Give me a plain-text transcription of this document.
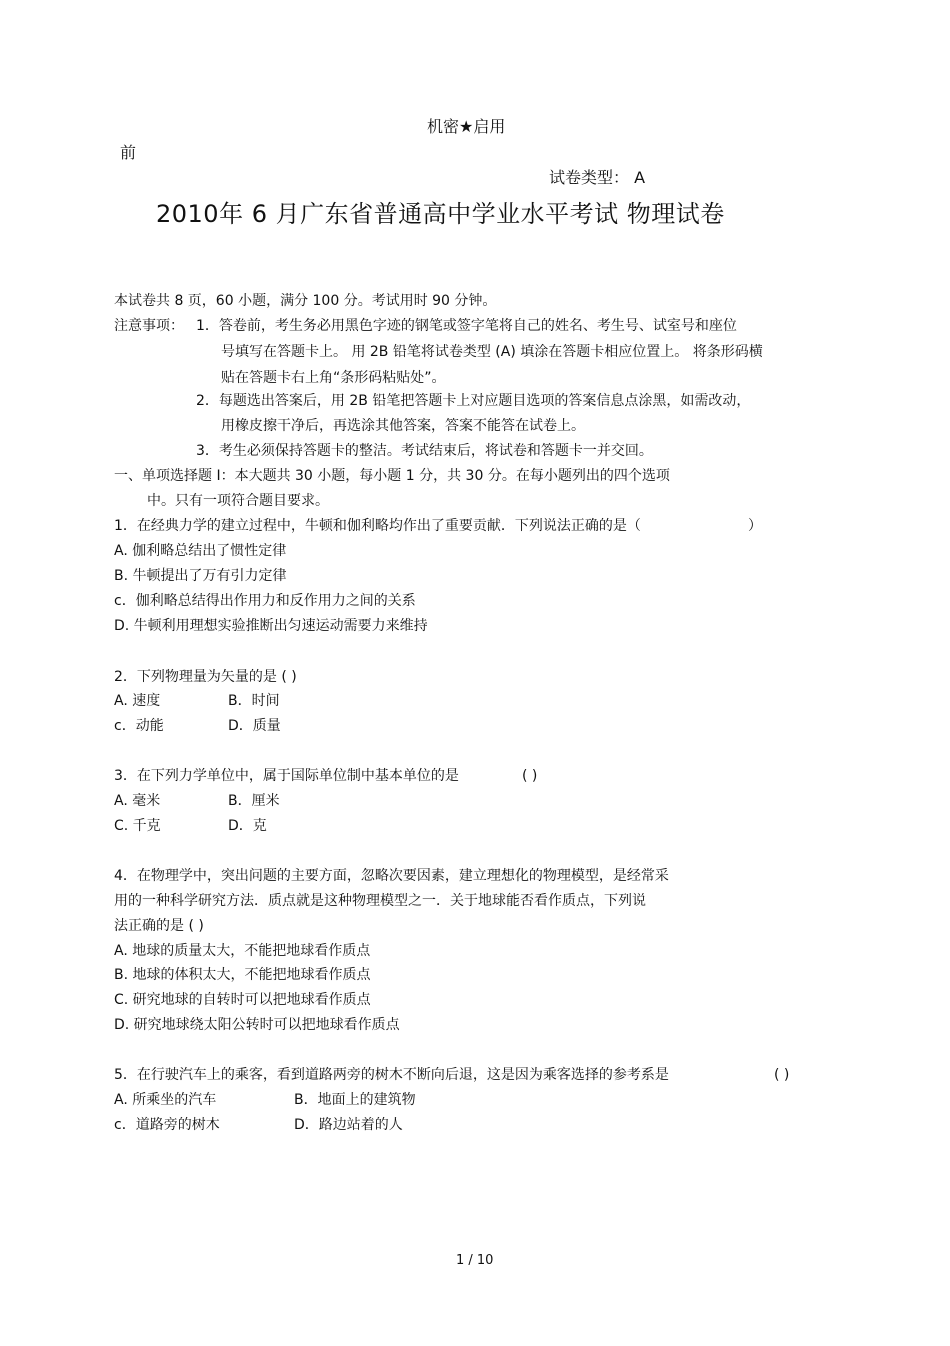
机密★启用
前
试卷类型： A
2010年 6 月广东省普通高中学业水平考试 物理试卷
本试卷共 8 页，60 小题，满分 100 分。考试用时 90 分钟。
注意事项： 1．答卷前，考生务必用黑色字迹的钢笔或签字笔将自己的姓名、考生号、试室号和座位
号填写在答题卡上。 用 2B 铅笔将试卷类型 (A) 填涂在答题卡相应位置上。 将条形码横
贴在答题卡右上角“条形码粘贴处”。
2．每题选出答案后，用 2B 铅笔把答题卡上对应题目选项的答案信息点涂黑，如需改动，
用橡皮擦干净后，再选涂其他答案，答案不能答在试卷上。
3．考生必须保持答题卡的整洁。考试结束后，将试卷和答题卡一并交回。
一、单项选择题 I：本大题共 30 小题，每小题 1 分，共 30 分。在每小题列出的四个选项
中。只有一项符合题目要求。
1．在经典力学的建立过程中，牛顿和伽利略均作出了重要贡献．下列说法正确的是（	）
A. 伽利略总结出了惯性定律
B. 牛顿提出了万有引力定律
c．伽利略总结得出作用力和反作用力之间的关系
D. 牛顿利用理想实验推断出匀速运动需要力来维持
2．下列物理量为矢量的是 ( )
A. 速度	B．时间
c．动能	D．质量
3．在下列力学单位中，属于国际单位制中基本单位的是	( )
A. 毫米	B．厘米
C. 千克	D．克
4．在物理学中，突出问题的主要方面，忽略次要因素，建立理想化的物理模型，是经常采
用的一种科学研究方法．质点就是这种物理模型之一．关于地球能否看作质点，下列说
法正确的是 ( )
A. 地球的质量太大，不能把地球看作质点
B. 地球的体积太大，不能把地球看作质点
C. 研究地球的自转时可以把地球看作质点
D. 研究地球绕太阳公转时可以把地球看作质点
5．在行驶汽车上的乘客，看到道路两旁的树木不断向后退，这是因为乘客选择的参考系是	( )
A. 所乘坐的汽车	B．地面上的建筑物
c．道路旁的树木	D．路边站着的人
1 / 10
